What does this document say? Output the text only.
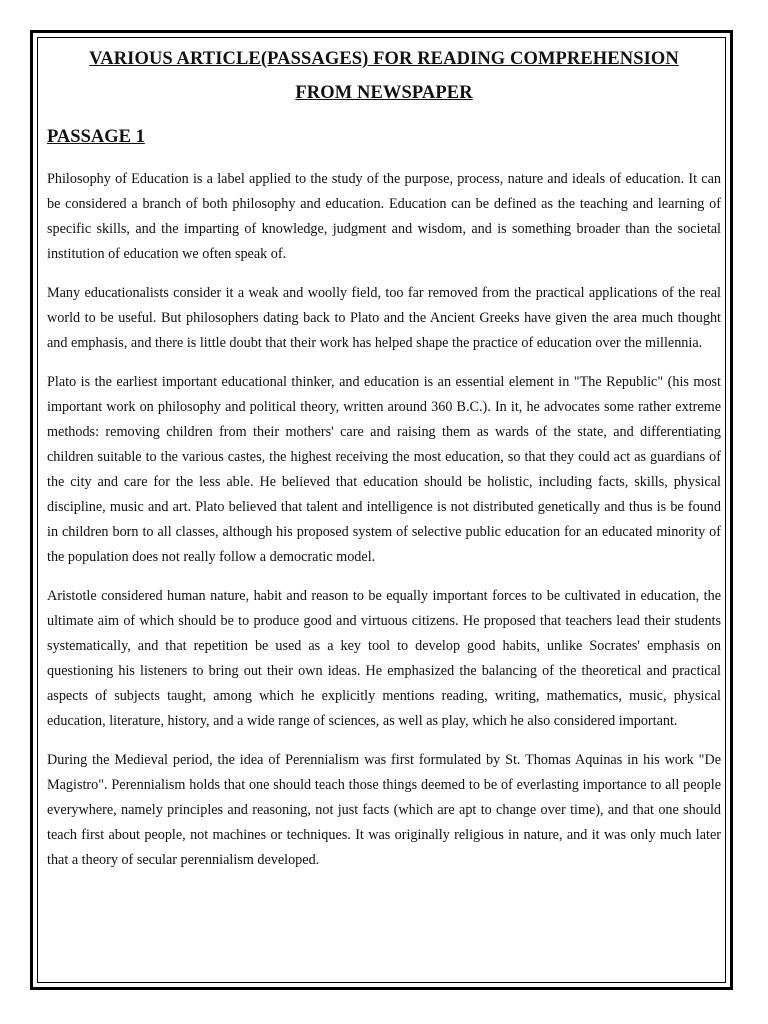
VARIOUS ARTICLE(PASSAGES) FOR READING COMPREHENSION
FROM NEWSPAPER
PASSAGE 1

Philosophy of Education is a label applied to the study of the purpose, process, nature and ideals of education. It can be considered a branch of both philosophy and education. Education can be defined as the teaching and learning of specific skills, and the imparting of knowledge, judgment and wisdom, and is something broader than the societal institution of education we often speak of.

Many educationalists consider it a weak and woolly field, too far removed from the practical applications of the real world to be useful. But philosophers dating back to Plato and the Ancient Greeks have given the area much thought and emphasis, and there is little doubt that their work has helped shape the practice of education over the millennia.

Plato is the earliest important educational thinker, and education is an essential element in "The Republic" (his most important work on philosophy and political theory, written around 360 B.C.). In it, he advocates some rather extreme methods: removing children from their mothers' care and raising them as wards of the state, and differentiating children suitable to the various castes, the highest receiving the most education, so that they could act as guardians of the city and care for the less able. He believed that education should be holistic, including facts, skills, physical discipline, music and art. Plato believed that talent and intelligence is not distributed genetically and thus is be found in children born to all classes, although his proposed system of selective public education for an educated minority of the population does not really follow a democratic model.

Aristotle considered human nature, habit and reason to be equally important forces to be cultivated in education, the ultimate aim of which should be to produce good and virtuous citizens. He proposed that teachers lead their students systematically, and that repetition be used as a key tool to develop good habits, unlike Socrates' emphasis on questioning his listeners to bring out their own ideas. He emphasized the balancing of the theoretical and practical aspects of subjects taught, among which he explicitly mentions reading, writing, mathematics, music, physical education, literature, history, and a wide range of sciences, as well as play, which he also considered important.

During the Medieval period, the idea of Perennialism was first formulated by St. Thomas Aquinas in his work "De Magistro". Perennialism holds that one should teach those things deemed to be of everlasting importance to all people everywhere, namely principles and reasoning, not just facts (which are apt to change over time), and that one should teach first about people, not machines or techniques. It was originally religious in nature, and it was only much later that a theory of secular perennialism developed.
